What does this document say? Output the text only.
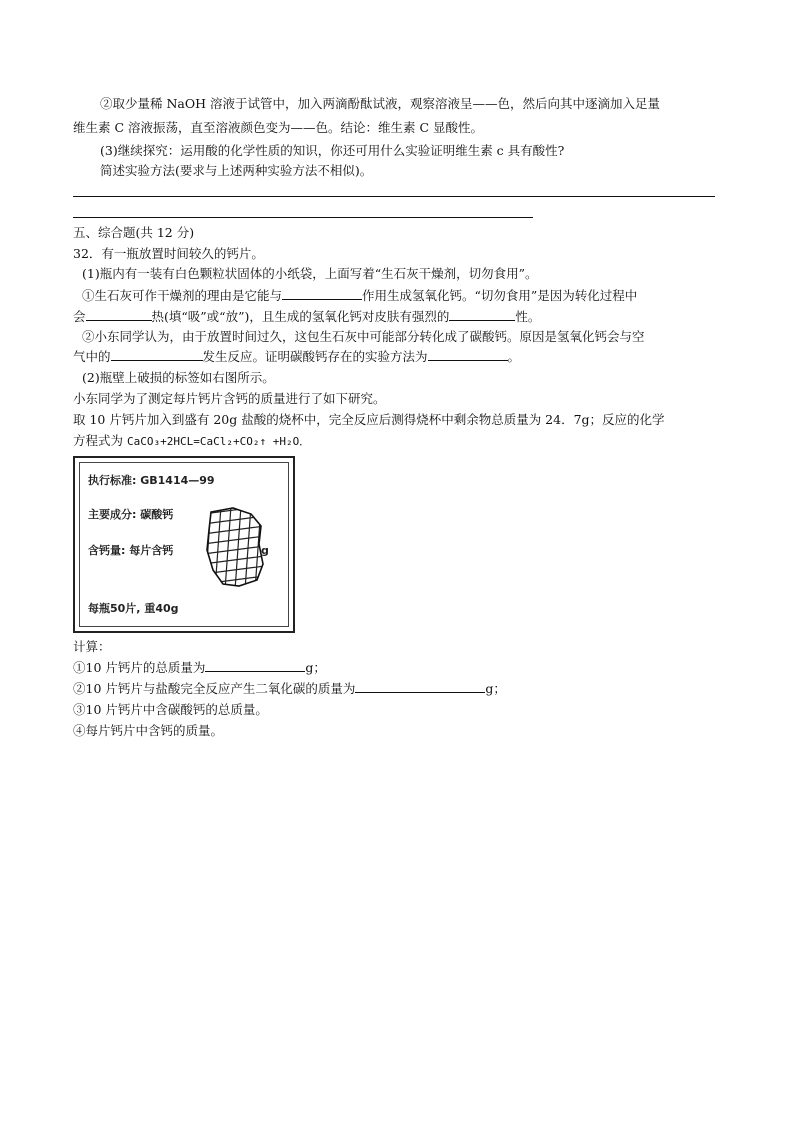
②取少量稀 NaOH 溶液于试管中，加入两滴酚酞试液，观察溶液呈——色，然后向其中逐滴加入足量
维生素 C 溶液振荡，直至溶液颜色变为——色。结论：维生素 C 显酸性。
(3)继续探究：运用酸的化学性质的知识，你还可用什么实验证明维生素 c 具有酸性?
简述实验方法(要求与上述两种实验方法不相似)。
五、综合题(共 12 分)
32．有一瓶放置时间较久的钙片。
(1)瓶内有一装有白色颗粒状固体的小纸袋，上面写着“生石灰干燥剂，切勿食用”。
①生石灰可作干燥剂的理由是它能与	作用生成氢氧化钙。“切勿食用”是因为转化过程中
会	热(填“吸”或“放”)，且生成的氢氧化钙对皮肤有强烈的	性。
②小东同学认为，由于放置时间过久，这包生石灰中可能部分转化成了碳酸钙。原因是氢氧化钙会与空
气中的	发生反应。证明碳酸钙存在的实验方法为	。
(2)瓶壁上破损的标签如右图所示。
小东同学为了测定每片钙片含钙的质量进行了如下研究。
取 10 片钙片加入到盛有 20g 盐酸的烧杯中，完全反应后测得烧杯中剩余物总质量为 24．7g；反应的化学
方程式为 CaCO₃+2HCL=CaCl₂+CO₂↑ +H₂O．
执行标准: GB1414—99
主要成分: 碳酸钙
含钙量: 每片含钙	g
每瓶50片, 重40g
计算：
①10 片钙片的总质量为	g；
②10 片钙片与盐酸完全反应产生二氧化碳的质量为	g；
③10 片钙片中含碳酸钙的总质量。
④每片钙片中含钙的质量。
